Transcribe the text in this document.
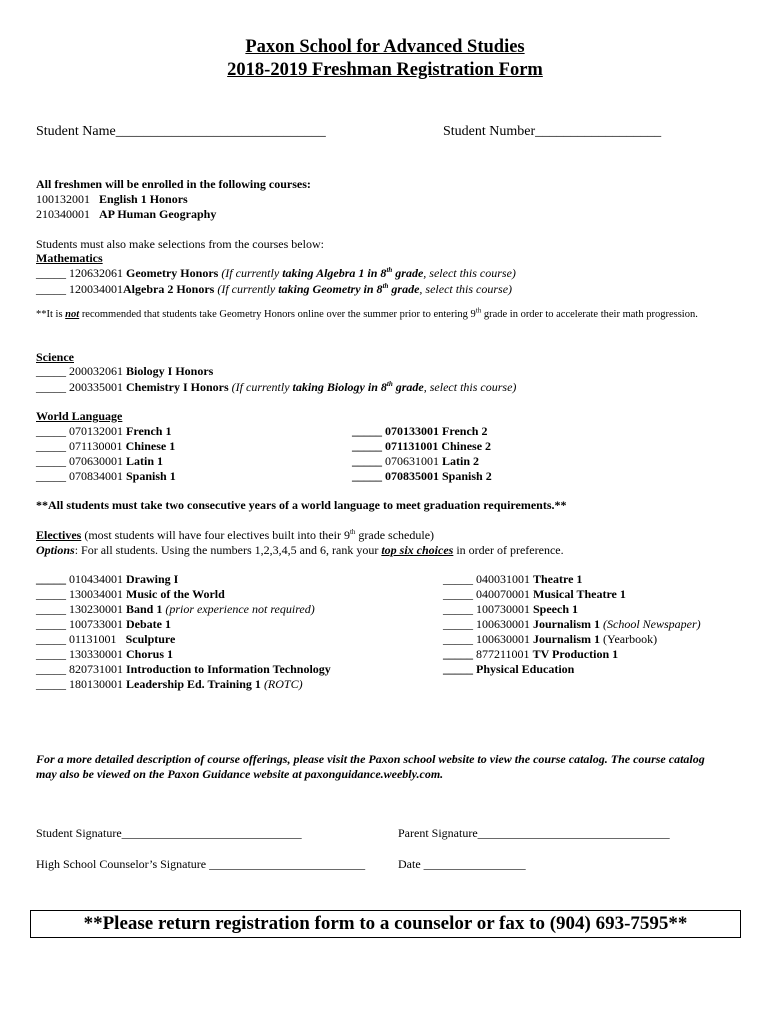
Paxon School for Advanced Studies
2018-2019 Freshman Registration Form
Student Name______________________________	Student Number__________________
All freshmen will be enrolled in the following courses:
100132001 English 1 Honors
210340001 AP Human Geography
Students must also make selections from the courses below:
Mathematics
_____ 120632061 Geometry Honors (If currently taking Algebra 1 in 8th grade, select this course)
_____ 120034001Algebra 2 Honors (If currently taking Geometry in 8th grade, select this course)
**It is not recommended that students take Geometry Honors online over the summer prior to entering 9th grade in order to accelerate their math progression.
Science
_____ 200032061 Biology I Honors
_____ 200335001 Chemistry I Honors (If currently taking Biology in 8th grade, select this course)
World Language
_____ 070132001 French 1
_____ 071130001 Chinese 1
_____ 070630001 Latin 1
_____ 070834001 Spanish 1
_____ 070133001 French 2
_____ 071131001 Chinese 2
_____ 070631001 Latin 2
_____ 070835001 Spanish 2
**All students must take two consecutive years of a world language to meet graduation requirements.**
Electives (most students will have four electives built into their 9th grade schedule)
Options: For all students. Using the numbers 1,2,3,4,5 and 6, rank your top six choices in order of preference.
_____ 010434001 Drawing I
_____ 130034001 Music of the World
_____ 130230001 Band 1 (prior experience not required)
_____ 100733001 Debate 1
_____ 01131001   Sculpture
_____ 130330001 Chorus 1
_____ 820731001 Introduction to Information Technology
_____ 180130001 Leadership Ed. Training 1 (ROTC)
_____ 040031001 Theatre 1
_____ 040070001 Musical Theatre 1
_____ 100730001 Speech 1
_____ 100630001 Journalism 1 (School Newspaper)
_____ 100630001 Journalism 1 (Yearbook)
_____ 877211001 TV Production 1
_____ Physical Education
For a more detailed description of course offerings, please visit the Paxon school website to view the course catalog. The course catalog may also be viewed on the Paxon Guidance website at paxonguidance.weebly.com.
Student Signature______________________________	Parent Signature________________________________
High School Counselor’s Signature __________________________	Date _________________
**Please return registration form to a counselor or fax to (904) 693-7595**
